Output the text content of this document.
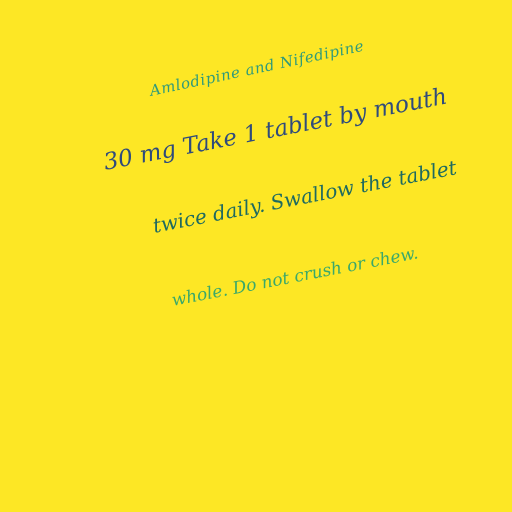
Amlodipine and Nifedipine
30 mg Take 1 tablet by mouth
twice daily. Swallow the tablet
whole. Do not crush or chew.
